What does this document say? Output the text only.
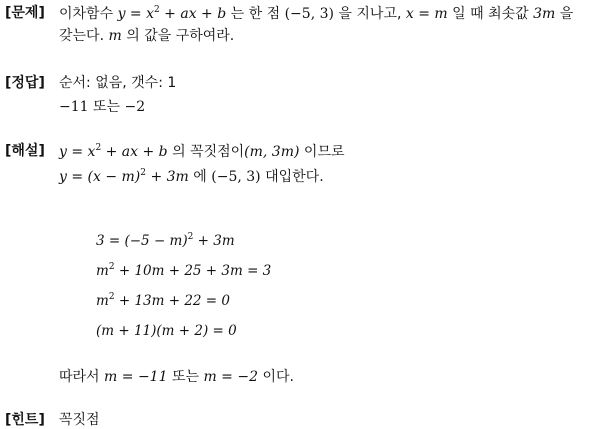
[문제] 이차함수 $y = x^2$ + ax + b 는 한 점 (−5, 3) 을 지나고, x = m 일 때 최솟값 3m 을
갖는다. m 의 값을 구하여라.
[정답] 순서: 없음, 갯수: 1
−11 또는 −2
[해설] $y = x^2$ + ax + b 의 꼭짓점이(m, 3m) 이므로
$y = (x - m)^2 + 3m$ 에 (−5, 3) 대입한다.
$3 = (-5 - m)^2 + 3m$
$m^2 + 10m + 25 + 3m = 3$
$m^2 + 13m + 22 = 0$
(m + 11)(m + 2) = 0
따라서 m = −11 또는 m = −2 이다.
[힌트] 꼭짓점
